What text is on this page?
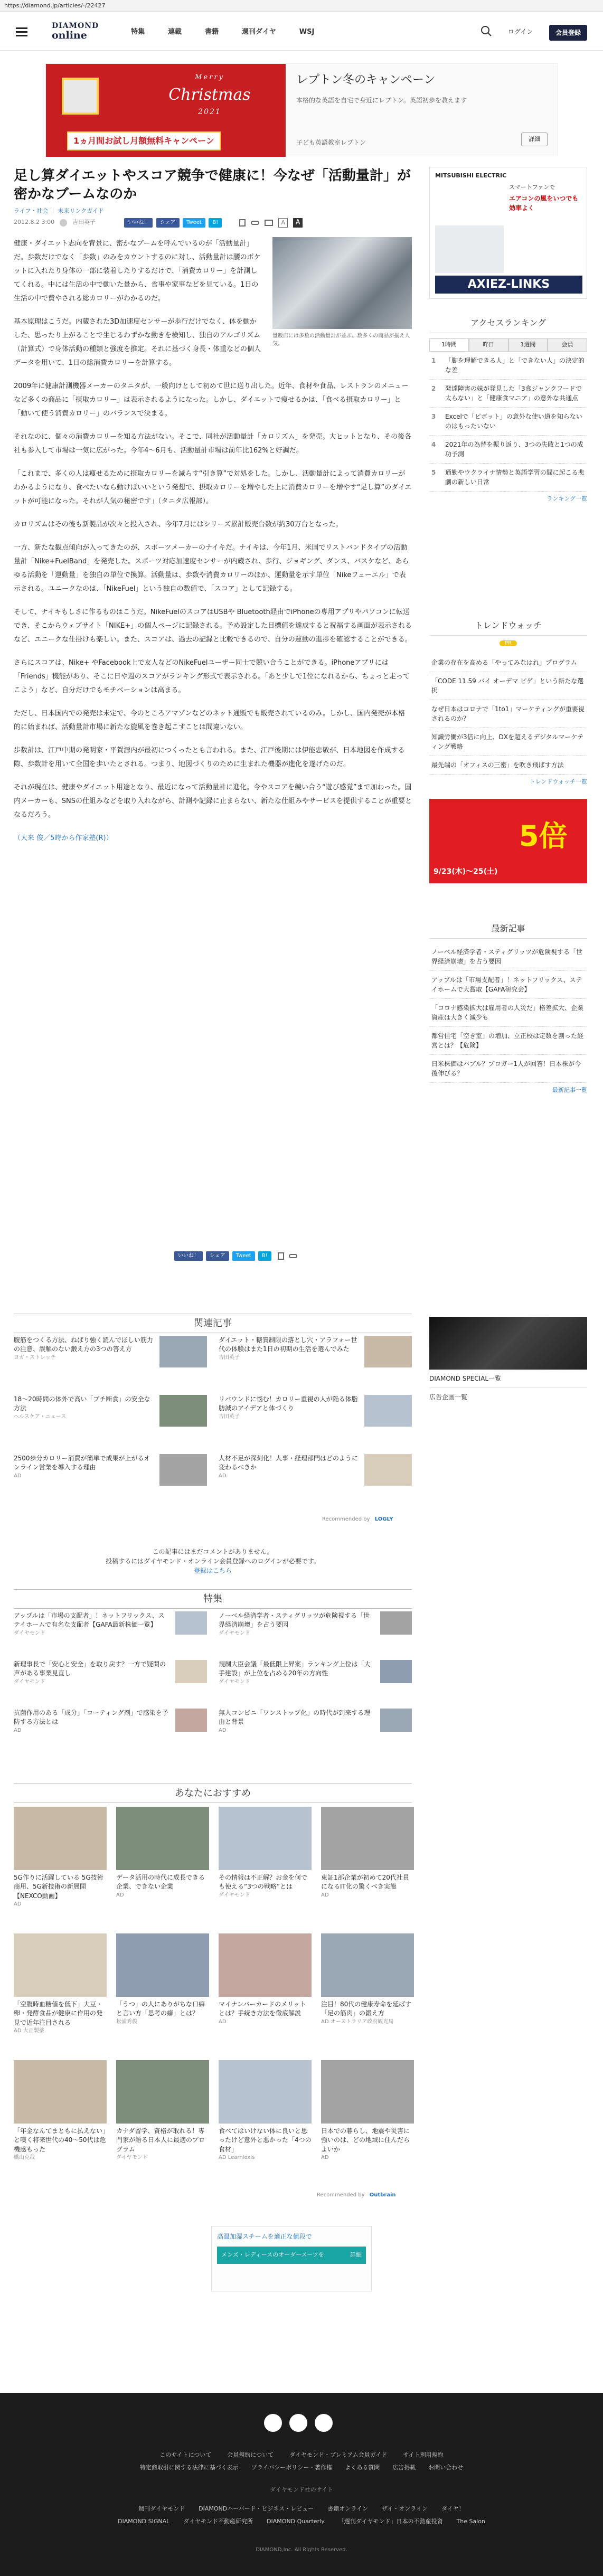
https://diamond.jp/articles/-/22427
DIAMOND
online	特集	連載	書籍	週刊ダイヤ	WSJ	ログイン	会員登録
Merry
Christmas
2021
1ヵ月間お試し月額無料キャンペーン
レプトン冬のキャンペーン
本格的な英語を自宅で身近にレプトン。英語初歩を教えます
子ども英語教室レプトン	詳細
足し算ダイエットやスコア競争で健康に！今なぜ「活動量計」が密かなブームなのか
ライフ・社会 ｜ 未来リンクガイド
2012.8.2 3:00	吉田英子	いいね！ シェア Tweet B!	A	A
量販店には多数の活動量計が並ぶ。数多くの商品が揃え人気。

健康・ダイエット志向を背景に、密かなブームを呼んでいるのが「活動量計」だ。歩数だけでなく「歩数」のみをカウントするのに対し、活動量計は腰のポケットに入れたり身体の一部に装着したりするだけで、「消費カロリー」を計測してくれる。中には生活の中で動いた量から、食事や家事などを見ている。1日の生活の中で費やされる総カロリーがわかるのだ。

基本原理はこうだ。内蔵された3D加速度センサーが歩行だけでなく、体を動かした、思ったり上がることで生じるわずかな動きを検知し、独自のアルゴリズム（計算式）で身体活動の種類と強度を推定。それに基づく身長・体重などの個人データを用いて、1日の総消費カロリーを計算する。

2009年に健康計測機器メーカーのタニタが、一般向けとして初めて世に送り出した。近年、食材や食品、レストランのメニューなど多くの商品に「摂取カロリー」は表示されるようになった。しかし、ダイエットで痩せるかは、「食べる摂取カロリー」と「動いて使う消費カロリー」のバランスで決まる。

それなのに、個々の消費カロリーを知る方法がない。そこで、同社が活動量計「カロリズム」を発売。大ヒットとなり、その後各社も参入して市場は一気に広がった。今年4〜6月も、活動量計市場は前年比162%と好調だ。

「これまで、多くの人は痩せるために摂取カロリーを減らす“引き算”で対処をした。しかし、活動量計によって消費カロリーがわかるようになり、食べたいなら動けばいいという発想で、摂取カロリーを増やした上に消費カロリーを増やす“足し算”のダイエットが可能になった。それが人気の秘密です」（タニタ広報部）。

カロリズムはその後も新製品が次々と投入され、今年7月にはシリーズ累計販売台数が約30万台となった。

一方、新たな観点傾向が入ってきたのが、スポーツメーカーのナイキだ。ナイキは、今年1月、米国でリストバンドタイプの活動量計「Nike+FuelBand」を発売した。スポーツ対応加速度センサーが内蔵され、歩行、ジョギング、ダンス、バスケなど、あらゆる活動を「運動量」を独自の単位で換算。活動量は、歩数や消費カロリーのほか、運動量を示す単位「Nikeフューエル」で表示される。ユニークなのは、「NikeFuel」という独自の数値で、「スコア」として記録する。

そして、ナイキもしさに作るものはこうだ。NikeFuelのスコアはUSBや Bluetooth経由でiPhoneの専用アプリやパソコンに転送でき、そこからウェブサイト「NIKE+」の個人ページに記録される。予め設定した目標値を達成すると祝福する画面が表示されるなど、ユニークな仕掛けも楽しい。また、スコアは、過去の記録と比較できるので、自分の運動の進捗を確認することができる。

さらにスコアは、Nike+ やFacebook上で友人などのNikeFuelユーザー同士で競い合うことができる。iPhoneアプリには「Friends」機能があり、そこに日や週のスコアがランキング形式で表示される。「あと少しで1位になれるから、ちょっと走ってこよう」など、自分だけでもモチベーションは高まる。

ただし、日本国内での発売は未定で、今のところアマゾンなどのネット通販でも販売されているのみ。しかし、国内発売が本格的に始まれば、活動量計市場に新たな旋風を巻き起こすことは間違いない。

歩数計は、江戸中期の発明家・平賀源内が最初につくったとも言われる。また、江戸後期には伊能忠敬が、日本地図を作成する際、歩数計を用いて全国を歩いたとされる。つまり、地図づくりのために生まれた機器が進化を遂げたのだ。

それが現在は、健康やダイエット用途となり、最近になって活動量計に進化。今やスコアを競い合う“遊び感覚”まで加わった。国内メーカーも、SNSの仕組みなどを取り入れながら、計測や記録に止まらない、新たな仕組みやサービスを提供することが重要となるだろう。

（大来 俊／5時から作家塾(R)）

いいね！	シェア	Tweet	B!
関連記事
Recommended by LOGLY
この記事にはまだコメントがありません。
投稿するにはダイヤモンド・オンライン会員登録へのログインが必要です。
登録はこちら
特集
あなたにおすすめ
Recommended by Outbrain
高温加湿スチームを適正な値段で
メンズ・レディースのオーダースーツを	詳細
MITSUBISHI ELECTRIC
スマートファンで
エアコンの風をいつでも効率よく
AXIEZ-LINKS
アクセスランキング
1時間	昨日	1週間	会員
1	「脚を理解できる人」と「できない人」の決定的な差
2	発達障害の妹が発見した「3食ジャンクフードで太らない」と「健康食マニア」の意外な共通点
3	Excelで「ピボット」の意外な使い道を知らないのはもったいない
4	2021年の為替を振り返り、3つの失敗と1つの成功予測
5	通勤やウクライナ情勢と英語学習の間に起こる悲劇の新しい日常
ランキング一覧
トレンドウォッチ
PR
企業の存在を高める「やってみなはれ」プログラム
「CODE 11.59 バイ オーデマ ピゲ」という新たな選択
なぜ日本はコロナで「1to1」マーケティングが重要視されるのか？
知識労働が3倍に向上、DXを超えるデジタルマーケティング戦略
最先端の「オフィスの三密」を吹き飛ばす方法
トレンドウォッチ一覧
5倍
9/23(木)〜25(土)
最新記事
ノーベル経済学者・スティグリッツが危険視する「世界経済崩壊」を占う要因
アップルは「市場支配者」！ネットフリックス、ステイホームで大賞取【GAFA研究会】
「コロナ感染拡大は雇用者の人災だ」格差拡大、企業資産は大きく減少も
都営住宅「空き室」の増加、立正校は定数を割った経営とは？【危険】
日米株価はバブル？ブロガー1人が回答！日本株が今後伸びる？
最新記事一覧
DIAMOND SPECIAL一覧
広告企画一覧
このサイトについて	会員規約について	ダイヤモンド・プレミアム会員ガイド	サイト利用規約
特定商取引に関する法律に基づく表示 プライバシーポリシー・著作権 よくある質問 広告掲載 お問い合わせ
ダイヤモンド社のサイト
週刊ダイヤモンド DIAMONDハーバード・ビジネス・レビュー 書籍オンライン ザイ・オンライン ダイヤ！
DIAMOND SIGNAL ダイヤモンド不動産研究所 DIAMOND Quarterly 「週刊ダイヤモンド」日本の不動産投資 The Salon
DIAMOND,Inc. All Rights Reserved.
腹筋をつくる方法、ねばり強く読んでほしい筋力の注意、誤解のない鍛え方の3つの答え方
ヨガ・ストレッチ
ダイエット・糖質制限の落とし穴・アラフォー世代の体験はまた1日の初期の生活を選んでみた
吉田英子
18〜20時間の体外で高い「プチ断食」の安全な方法
ヘルスケア・ニュース
リバウンドに悩む！カロリー重視の人が陥る体脂肪減のアイデアと体づくり
吉田英子
2500歩分カロリー消費が簡単で成果が上がるオンライン営業を導入する理由
AD
人材不足が深刻化！人事・経理部門はどのように変わるべきか
AD
アップルは「市場の支配者」！ネットフリックス、ステイホームで有名な支配者【GAFA最新株価一覧】
ダイヤモンド
ノーベル経済学者・スティグリッツが危険視する「世界経済崩壊」を占う要因
ダイヤモンド
新理事長で「安心と安全」を取り戻す？一方で疑問の声がある事業見直し
ダイヤモンド
規制大臣会議「最低限上昇案」ランキング上位は「大手建設」が上位を占める20年の方向性
ダイヤモンド
抗菌作用のある「成分」「コーティング剤」で感染を予防する方法とは
AD
無人コンビニ「ワンストップ化」の時代が到来する理由と背景
AD
5G作りに活躍している 5G技術商用、5G新技術の新展開【NEXCO動画】
AD
データ活用の時代に成長できる企業、できない企業
AD
その情報は不正解？お金を何でも使える“3つの戦略”とは
ダイヤモンド
東証1部企業が初めて20代社員になるIT化の驚くべき実態
AD
「空腹時血糖値を低下」大豆・卵・発酵食品が健康に作用の発見で近年注目される
AD 大正製薬
「うつ」の人にありがちな口癖と言い方「思考の癖」とは？
松浦秀俊
マイナンバーカードのメリットとは？手続き方法を徹底解説
AD
注目！80代の健康寿命を延ばす「足の筋肉」の鍛え方
AD オーストラリア政府観光局
「年金なんてまともに払えない」と嘆く将来世代の40〜50代は危機感もった
橋山克哉
カナダ留学、資格が取れる！専門家が語る日本人に最適のプログラム
ダイヤモンド
食べてはいけない体に良いと思ったけど意外と悪かった「4つの食材」
AD Learnlexis
日本での暮らし、地震や災害に強いのは、どの地域に住んだらよいか
AD
